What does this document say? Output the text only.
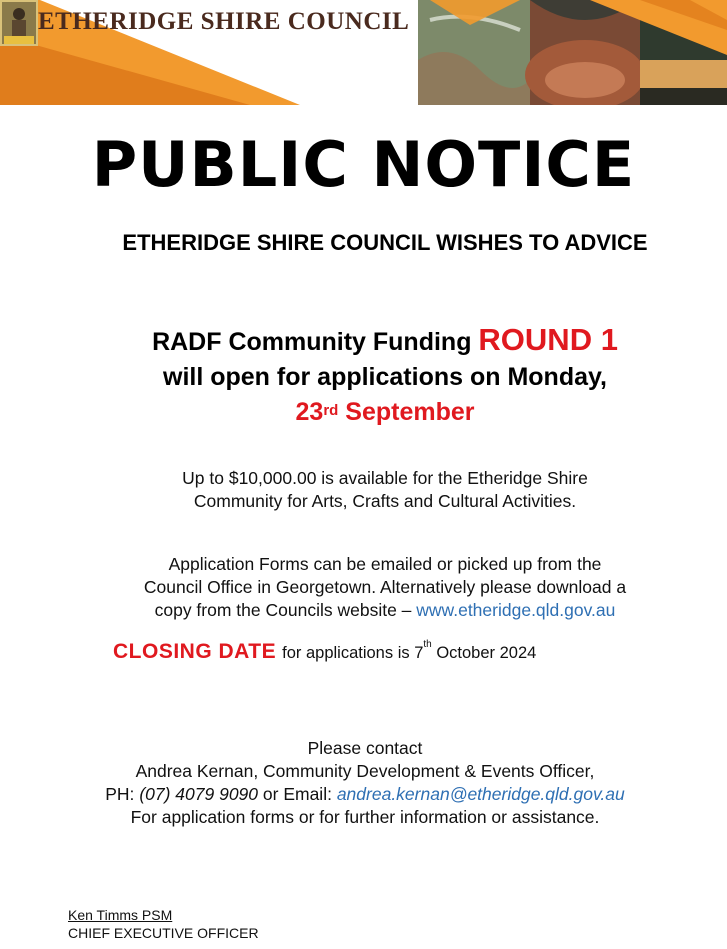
ETHERIDGE SHIRE COUNCIL
PUBLIC NOTICE
ETHERIDGE SHIRE COUNCIL WISHES TO ADVICE
RADF Community Funding ROUND 1
will open for applications on Monday,
23rd September
Up to $10,000.00 is available for the Etheridge Shire
Community for Arts, Crafts and Cultural Activities.
Application Forms can be emailed or picked up from the
Council Office in Georgetown. Alternatively please download a
copy from the Councils website – www.etheridge.qld.gov.au
CLOSING DATE for applications is 7th October 2024
Please contact
Andrea Kernan, Community Development & Events Officer,
PH: (07) 4079 9090 or Email: andrea.kernan@etheridge.qld.gov.au
For application forms or for further information or assistance.
Ken Timms PSM
CHIEF EXECUTIVE OFFICER
